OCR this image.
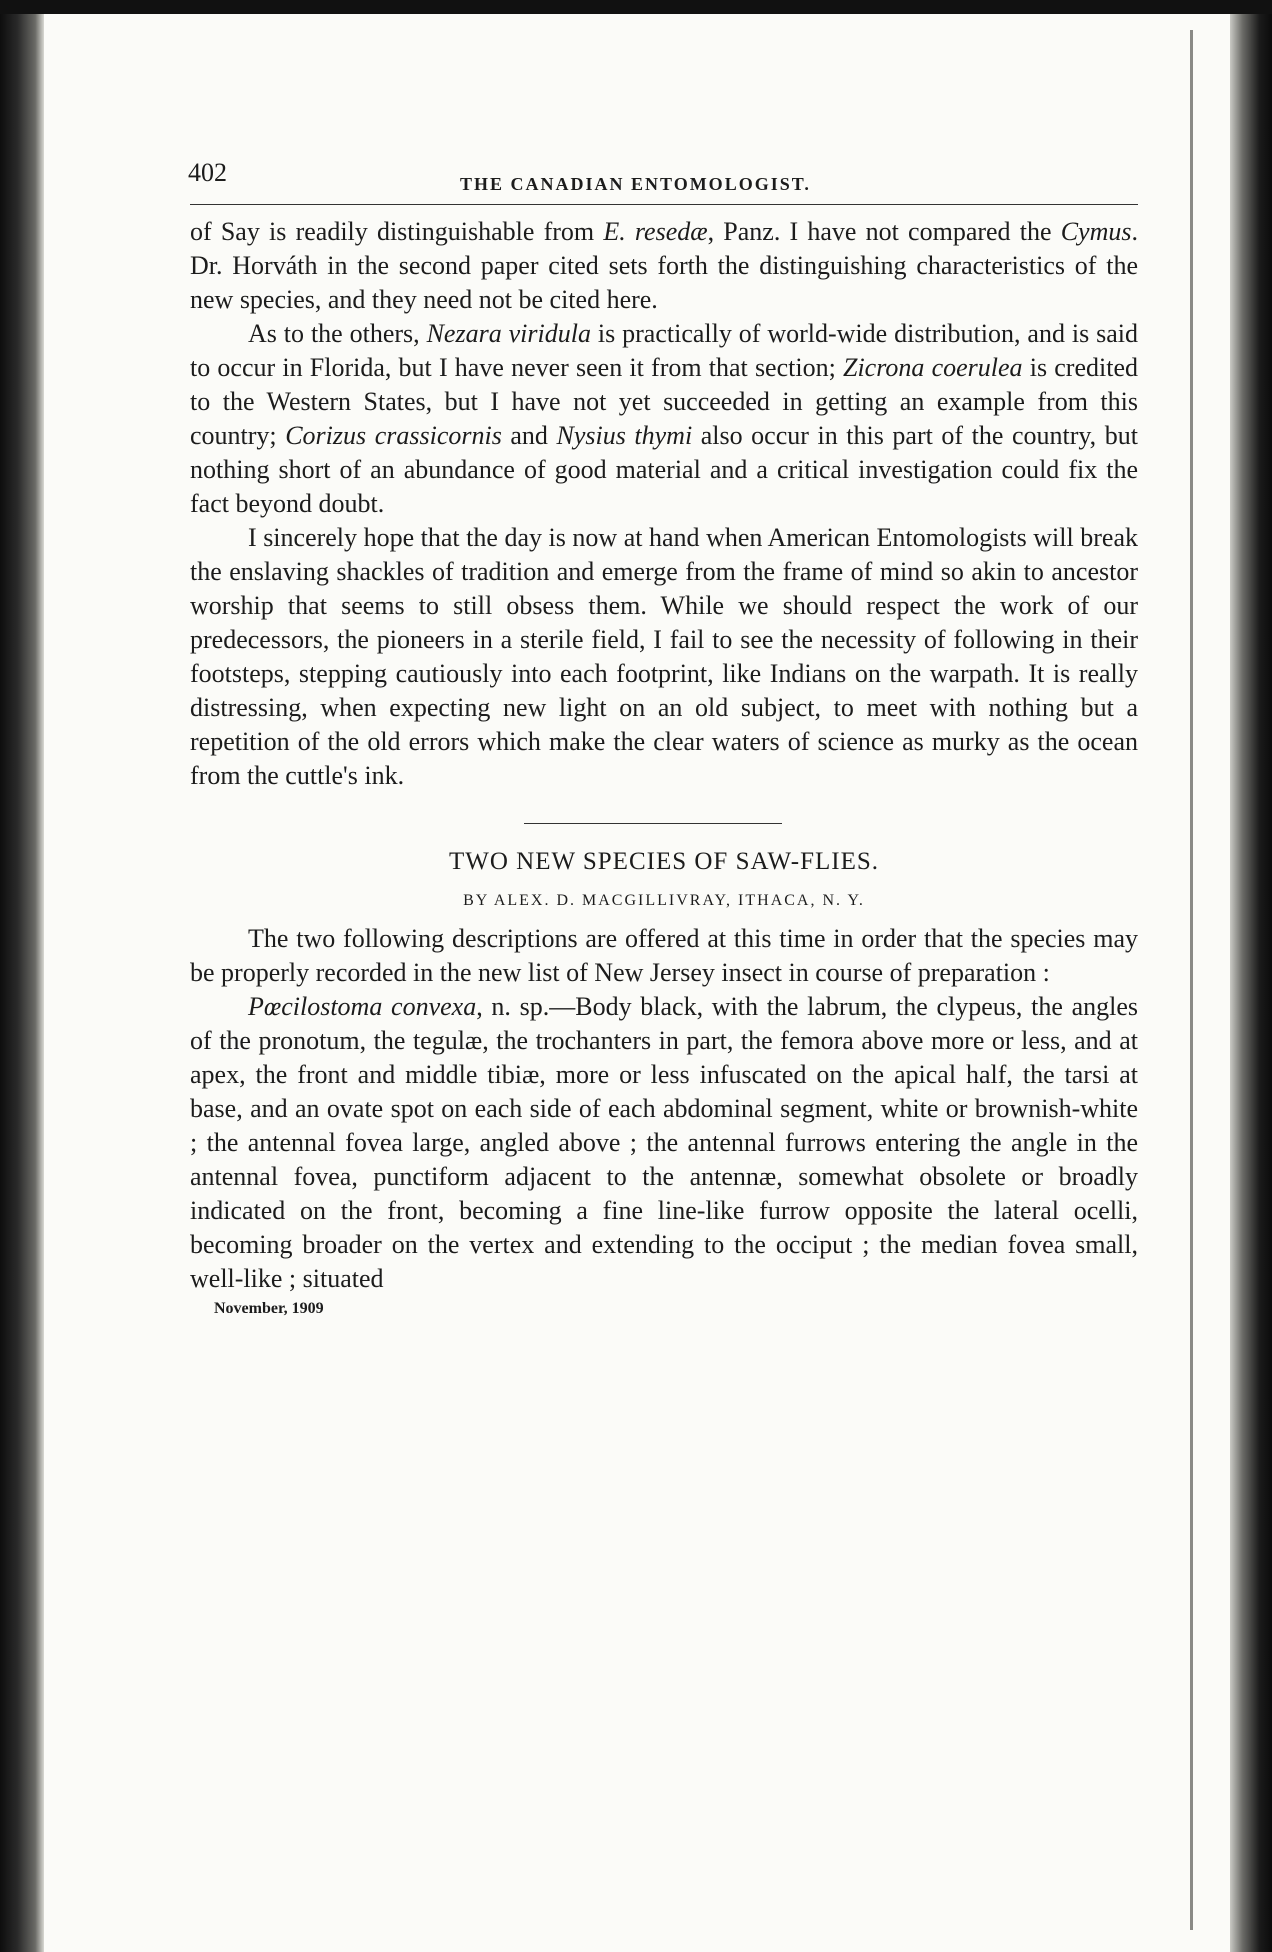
402	THE CANADIAN ENTOMOLOGIST.

of Say is readily distinguishable from E. resedæ, Panz. I have not compared the Cymus. Dr. Horváth in the second paper cited sets forth the distinguishing characteristics of the new species, and they need not be cited here.

As to the others, Nezara viridula is practically of world-wide distribution, and is said to occur in Florida, but I have never seen it from that section; Zicrona coerulea is credited to the Western States, but I have not yet succeeded in getting an example from this country; Corizus crassicornis and Nysius thymi also occur in this part of the country, but nothing short of an abundance of good material and a critical investigation could fix the fact beyond doubt.

I sincerely hope that the day is now at hand when American Entomologists will break the enslaving shackles of tradition and emerge from the frame of mind so akin to ancestor worship that seems to still obsess them. While we should respect the work of our predecessors, the pioneers in a sterile field, I fail to see the necessity of following in their footsteps, stepping cautiously into each footprint, like Indians on the warpath. It is really distressing, when expecting new light on an old subject, to meet with nothing but a repetition of the old errors which make the clear waters of science as murky as the ocean from the cuttle's ink.

TWO NEW SPECIES OF SAW-FLIES.
BY ALEX. D. MACGILLIVRAY, ITHACA, N. Y.

The two following descriptions are offered at this time in order that the species may be properly recorded in the new list of New Jersey insect in course of preparation :

Pœcilostoma convexa, n. sp.—Body black, with the labrum, the clypeus, the angles of the pronotum, the tegulæ, the trochanters in part, the femora above more or less, and at apex, the front and middle tibiæ, more or less infuscated on the apical half, the tarsi at base, and an ovate spot on each side of each abdominal segment, white or brownish-white ; the antennal fovea large, angled above ; the antennal furrows entering the angle in the antennal fovea, punctiform adjacent to the antennæ, somewhat obsolete or broadly indicated on the front, becoming a fine line-like furrow opposite the lateral ocelli, becoming broader on the vertex and extending to the occiput ; the median fovea small, well-like ; situated

November, 1909
